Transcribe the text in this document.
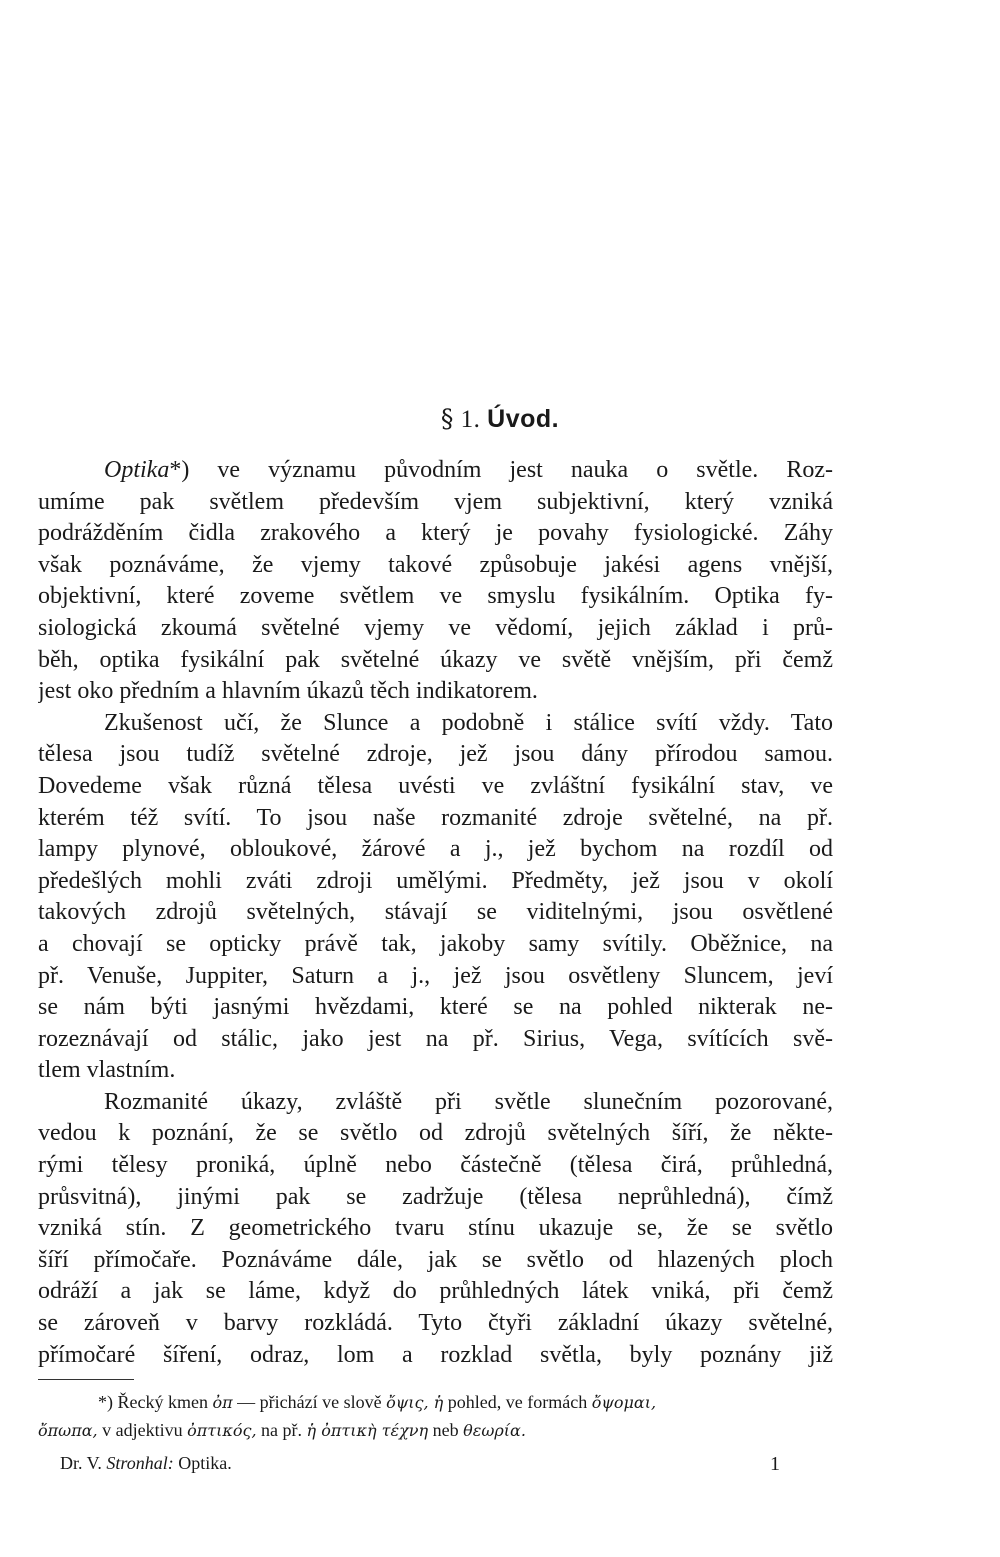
§ 1. Úvod.
Optika*) ve významu původním jest nauka o světle. Roz-
umíme pak světlem především vjem subjektivní, který vzniká
podrážděním čidla zrakového a který je povahy fysiologické. Záhy
však poznáváme, že vjemy takové způsobuje jakési agens vnější,
objektivní, které zoveme světlem ve smyslu fysikálním. Optika fy-
siologická zkoumá světelné vjemy ve vědomí, jejich základ i prů-
běh, optika fysikální pak světelné úkazy ve světě vnějším, při čemž
jest oko předním a hlavním úkazů těch indikatorem.
Zkušenost učí, že Slunce a podobně i stálice svítí vždy. Tato
tělesa jsou tudíž světelné zdroje, jež jsou dány přírodou samou.
Dovedeme však různá tělesa uvésti ve zvláštní fysikální stav, ve
kterém též svítí. To jsou naše rozmanité zdroje světelné, na př.
lampy plynové, obloukové, žárové a j., jež bychom na rozdíl od
předešlých mohli zváti zdroji umělými. Předměty, jež jsou v okolí
takových zdrojů světelných, stávají se viditelnými, jsou osvětlené
a chovají se opticky právě tak, jakoby samy svítily. Oběžnice, na
př. Venuše, Juppiter, Saturn a j., jež jsou osvětleny Sluncem, jeví
se nám býti jasnými hvězdami, které se na pohled nikterak ne-
rozeznávají od stálic, jako jest na př. Sirius, Vega, svítících svě-
tlem vlastním.
Rozmanité úkazy, zvláště při světle slunečním pozorované,
vedou k poznání, že se světlo od zdrojů světelných šíří, že někte-
rými tělesy proniká, úplně nebo částečně (tělesa čirá, průhledná,
průsvitná), jinými pak se zadržuje (tělesa neprůhledná), čímž
vzniká stín. Z geometrického tvaru stínu ukazuje se, že se světlo
šíří přímočaře. Poznáváme dále, jak se světlo od hlazených ploch
odráží a jak se láme, když do průhledných látek vniká, při čemž
se zároveň v barvy rozkládá. Tyto čtyři základní úkazy světelné,
přímočaré šíření, odraz, lom a rozklad světla, byly poznány již
*) Řecký kmen ὀπ — přichází ve slově ὄψις, ἡ pohled, ve formách ὄψομαι,
ὄπωπα, v adjektivu ὀπτικός, na př. ἡ ὀπτικὴ τέχνη neb θεωρία.
Dr. V. Stronhal: Optika.	1
